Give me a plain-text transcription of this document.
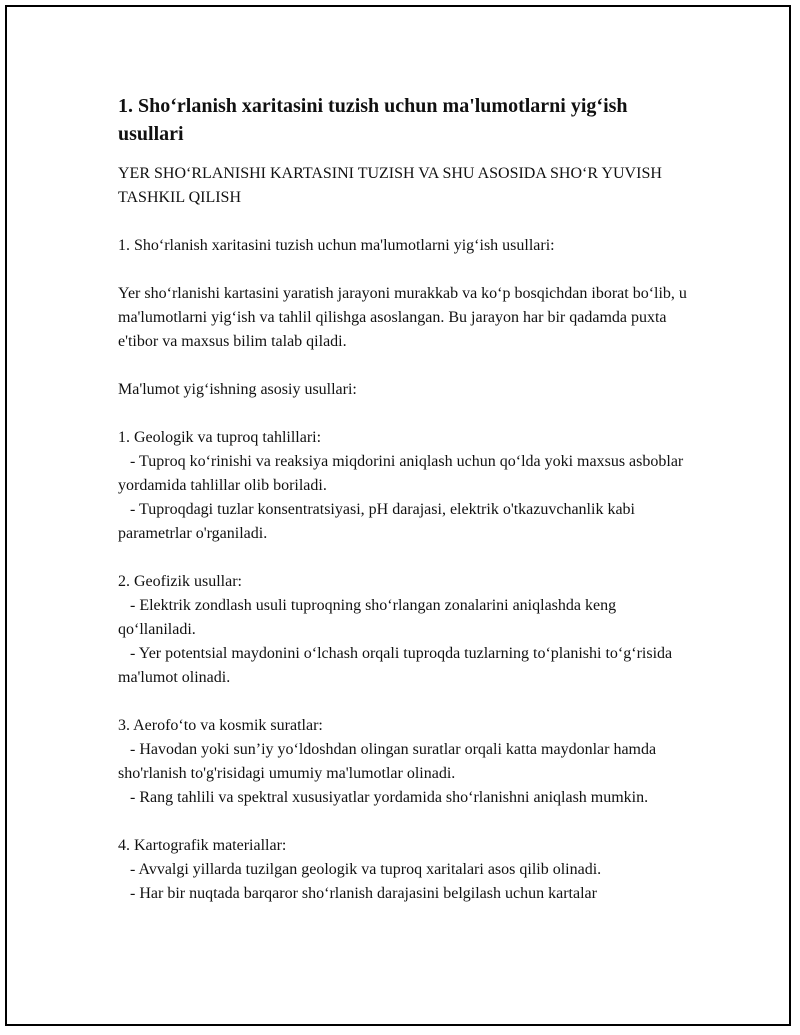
1. Sho‘rlanish xaritasini tuzish uchun ma'lumotlarni yig‘ish usullari

YER SHO‘RLANISHI KARTASINI TUZISH VA SHU ASOSIDA SHO‘R YUVISH TASHKIL QILISH

1. Sho‘rlanish xaritasini tuzish uchun ma'lumotlarni yig‘ish usullari:

Yer sho‘rlanishi kartasini yaratish jarayoni murakkab va ko‘p bosqichdan iborat bo‘lib, u ma'lumotlarni yig‘ish va tahlil qilishga asoslangan. Bu jarayon har bir qadamda puxta e'tibor va maxsus bilim talab qiladi.

Ma'lumot yig‘ishning asosiy usullari:

1. Geologik va tuproq tahlillari:

- Tuproq ko‘rinishi va reaksiya miqdorini aniqlash uchun qo‘lda yoki maxsus asboblar yordamida tahlillar olib boriladi.

- Tuproqdagi tuzlar konsentratsiyasi, pH darajasi, elektrik o'tkazuvchanlik kabi parametrlar o'rganiladi.

2. Geofizik usullar:

- Elektrik zondlash usuli tuproqning sho‘rlangan zonalarini aniqlashda keng qo‘llaniladi.

- Yer potentsial maydonini o‘lchash orqali tuproqda tuzlarning to‘planishi to‘g‘risida ma'lumot olinadi.

3. Aerofo‘to va kosmik suratlar:

- Havodan yoki sun’iy yo‘ldoshdan olingan suratlar orqali katta maydonlar hamda sho'rlanish to'g'risidagi umumiy ma'lumotlar olinadi.

- Rang tahlili va spektral xususiyatlar yordamida sho‘rlanishni aniqlash mumkin.

4. Kartografik materiallar:

- Avvalgi yillarda tuzilgan geologik va tuproq xaritalari asos qilib olinadi.

- Har bir nuqtada barqaror sho‘rlanish darajasini belgilash uchun kartalar
